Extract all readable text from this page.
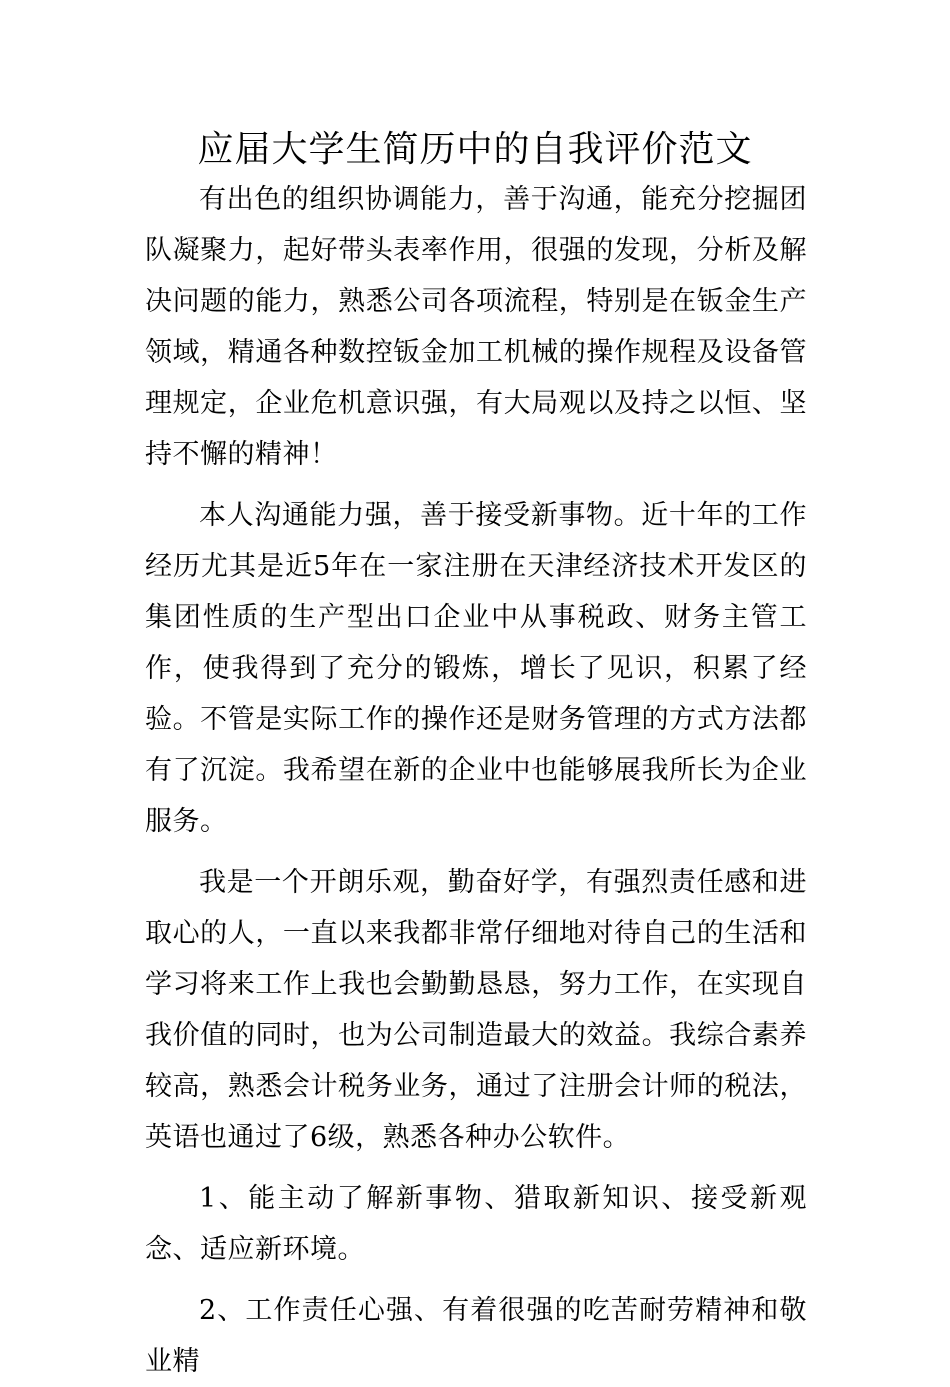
应届大学生简历中的自我评价范文

有出色的组织协调能力，善于沟通，能充分挖掘团队凝聚力，起好带头表率作用，很强的发现，分析及解决问题的能力，熟悉公司各项流程，特别是在钣金生产领域，精通各种数控钣金加工机械的操作规程及设备管理规定，企业危机意识强，有大局观以及持之以恒、坚持不懈的精神！

本人沟通能力强，善于接受新事物。近十年的工作经历尤其是近5年在一家注册在天津经济技术开发区的集团性质的生产型出口企业中从事税政、财务主管工作，使我得到了充分的锻炼，增长了见识，积累了经验。不管是实际工作的操作还是财务管理的方式方法都有了沉淀。我希望在新的企业中也能够展我所长为企业服务。

我是一个开朗乐观，勤奋好学，有强烈责任感和进取心的人，一直以来我都非常仔细地对待自己的生活和学习将来工作上我也会勤勤恳恳，努力工作，在实现自我价值的同时，也为公司制造最大的效益。我综合素养较高，熟悉会计税务业务，通过了注册会计师的税法，英语也通过了6级，熟悉各种办公软件。

1、能主动了解新事物、猎取新知识、接受新观念、适应新环境。

2、工作责任心强、有着很强的吃苦耐劳精神和敬业精
